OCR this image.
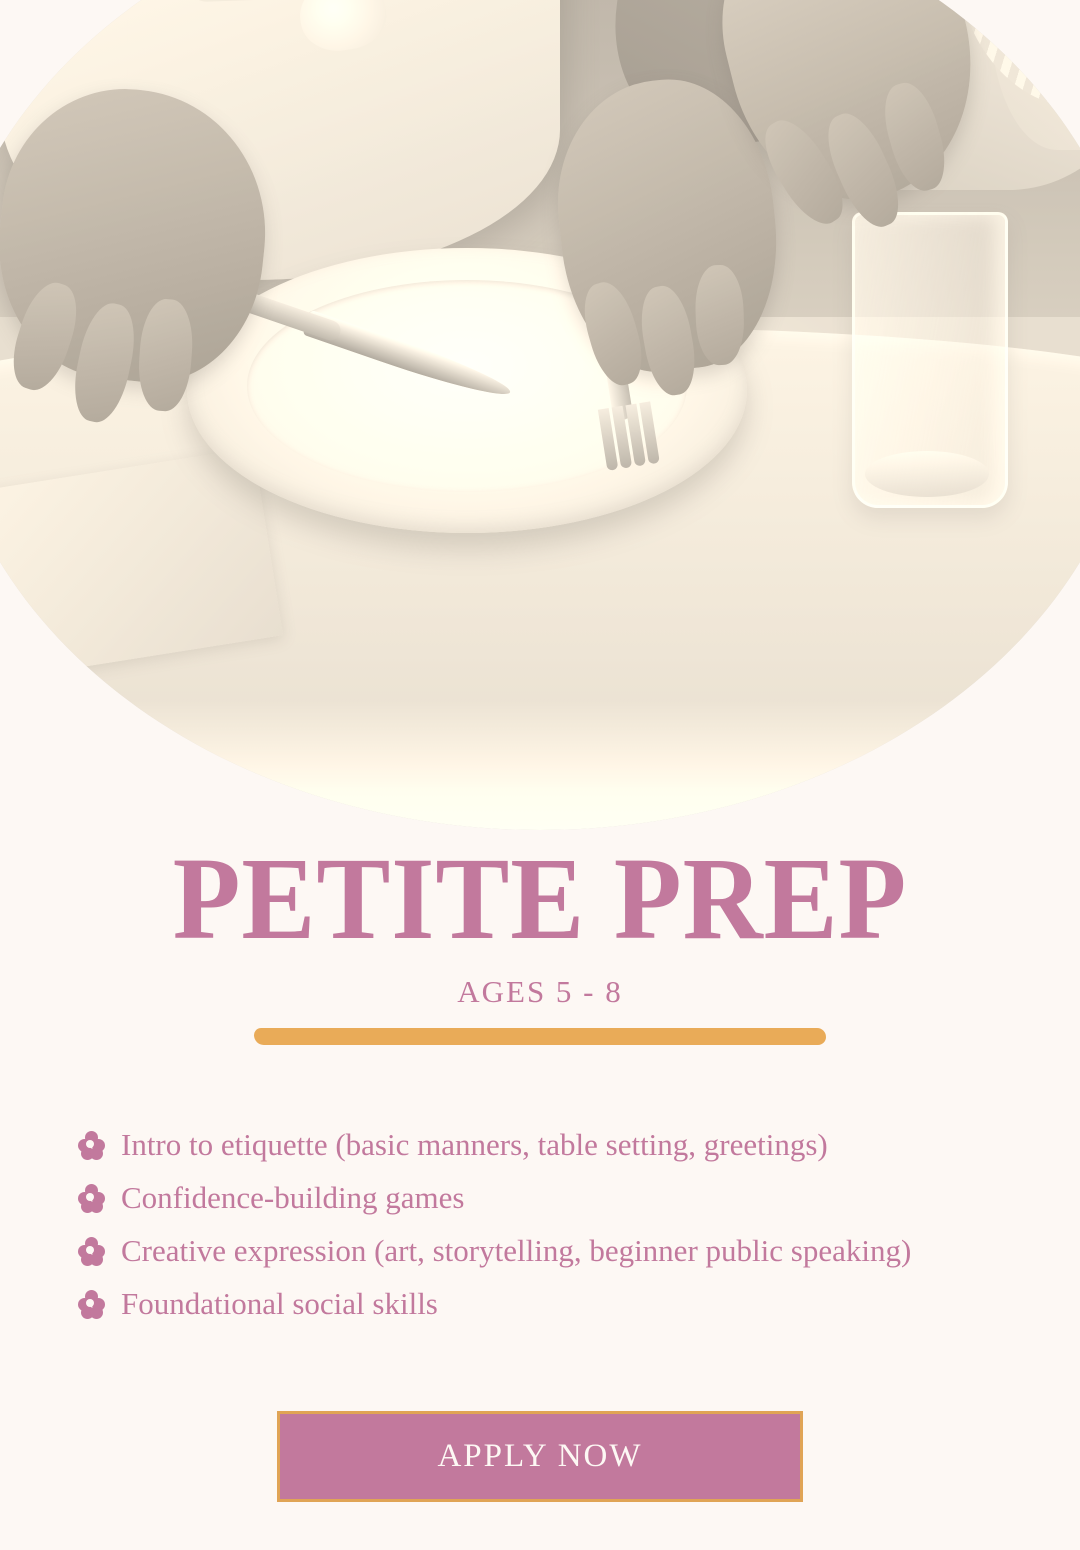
PETITE PREP
AGES 5 - 8
Intro to etiquette (basic manners, table setting, greetings)
Confidence-building games
Creative expression (art, storytelling, beginner public speaking)
Foundational social skills
APPLY NOW
